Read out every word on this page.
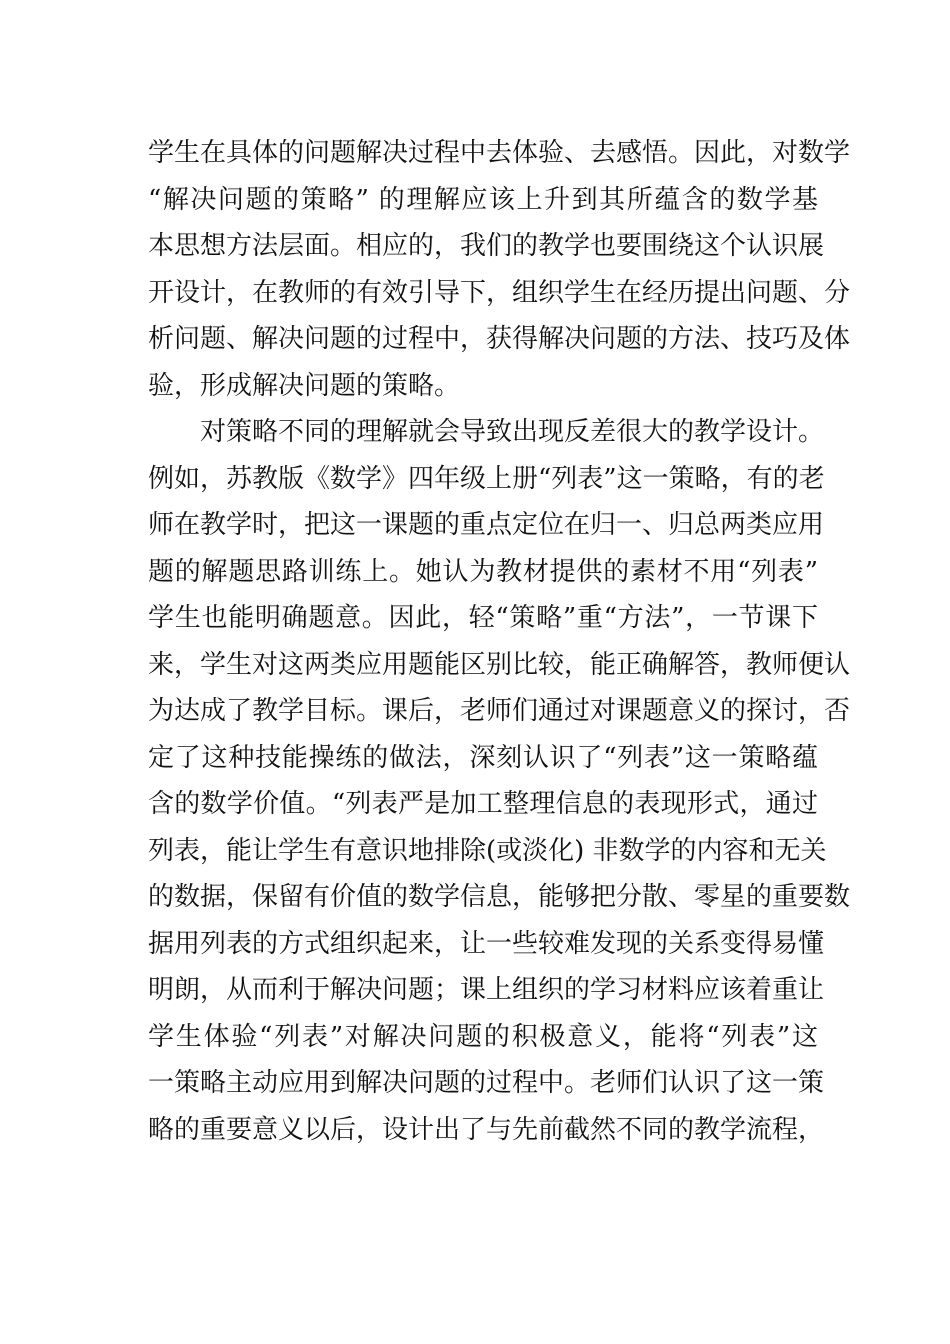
学生在具体的问题解决过程中去体验、去感悟。因此，对数学
“解决问题的策略” 的理解应该上升到其所蕴含的数学基
本思想方法层面。相应的，我们的教学也要围绕这个认识展
开设计，在教师的有效引导下，组织学生在经历提出问题、分
析问题、解决问题的过程中，获得解决问题的方法、技巧及体
验，形成解决问题的策略。
对策略不同的理解就会导致出现反差很大的教学设计。
例如，苏教版《数学》四年级上册“列表”这一策略，有的老
师在教学时，把这一课题的重点定位在归一、归总两类应用
题的解题思路训练上。她认为教材提供的素材不用“列表”
学生也能明确题意。因此，轻“策略”重“方法”，一节课下
来，学生对这两类应用题能区别比较，能正确解答，教师便认
为达成了教学目标。课后，老师们通过对课题意义的探讨，否
定了这种技能操练的做法，深刻认识了“列表”这一策略蕴
含的数学价值。“列表严是加工整理信息的表现形式，通过
列表，能让学生有意识地排除(或淡化) 非数学的内容和无关
的数据，保留有价值的数学信息，能够把分散、零星的重要数
据用列表的方式组织起来，让一些较难发现的关系变得易懂
明朗，从而利于解决问题；课上组织的学习材料应该着重让
学生体验“列表”对解决问题的积极意义，能将“列表”这
一策略主动应用到解决问题的过程中。老师们认识了这一策
略的重要意义以后，设计出了与先前截然不同的教学流程，
